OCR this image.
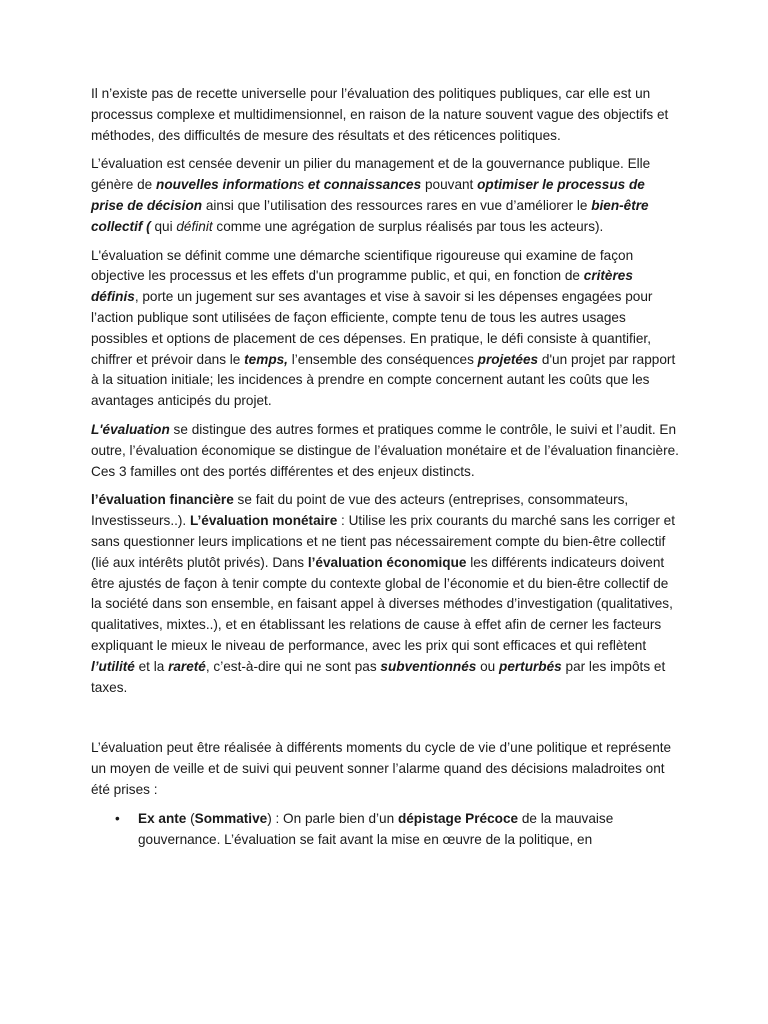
Il n’existe pas de recette universelle pour l’évaluation des politiques publiques, car elle est un processus complexe et multidimensionnel, en raison de la nature souvent vague des objectifs et méthodes, des difficultés de mesure des résultats et des réticences politiques.

L’évaluation est censée devenir un pilier du management et de la gouvernance publique. Elle génère de nouvelles informations et connaissances pouvant optimiser le processus de prise de décision ainsi que l’utilisation des ressources rares en vue d’améliorer le bien-être collectif ( qui définit comme une agrégation de surplus réalisés par tous les acteurs).

L'évaluation se définit comme une démarche scientifique rigoureuse qui examine de façon objective les processus et les effets d'un programme public, et qui, en fonction de critères définis, porte un jugement sur ses avantages et vise à savoir si les dépenses engagées pour l’action publique sont utilisées de façon efficiente, compte tenu de tous les autres usages possibles et options de placement de ces dépenses. En pratique, le défi consiste à quantifier, chiffrer et prévoir dans le temps, l’ensemble des conséquences projetées d'un projet par rapport à la situation initiale; les incidences à prendre en compte concernent autant les coûts que les avantages anticipés du projet.

L'évaluation se distingue des autres formes et pratiques comme le contrôle, le suivi et l’audit. En outre, l’évaluation économique se distingue de l’évaluation monétaire et de l’évaluation financière. Ces 3 familles ont des portés différentes et des enjeux distincts.

l’évaluation financière se fait du point de vue des acteurs (entreprises, consommateurs, Investisseurs..). L’évaluation monétaire : Utilise les prix courants du marché sans les corriger et sans questionner leurs implications et ne tient pas nécessairement compte du bien-être collectif (lié aux intérêts plutôt privés). Dans l’évaluation économique les différents indicateurs doivent être ajustés de façon à tenir compte du contexte global de l’économie et du bien-être collectif de la société dans son ensemble, en faisant appel à diverses méthodes d’investigation (qualitatives, qualitatives, mixtes..), et en établissant les relations de cause à effet afin de cerner les facteurs expliquant le mieux le niveau de performance, avec les prix qui sont efficaces et qui reflètent l’utilité et la rareté, c’est-à-dire qui ne sont pas subventionnés ou perturbés par les impôts et taxes.

L’évaluation peut être réalisée à différents moments du cycle de vie d’une politique et représente un moyen de veille et de suivi qui peuvent sonner l’alarme quand des décisions maladroites ont été prises :

• Ex ante (Sommative) : On parle bien d’un dépistage Précoce de la mauvaise gouvernance. L’évaluation se fait avant la mise en œuvre de la politique, en
